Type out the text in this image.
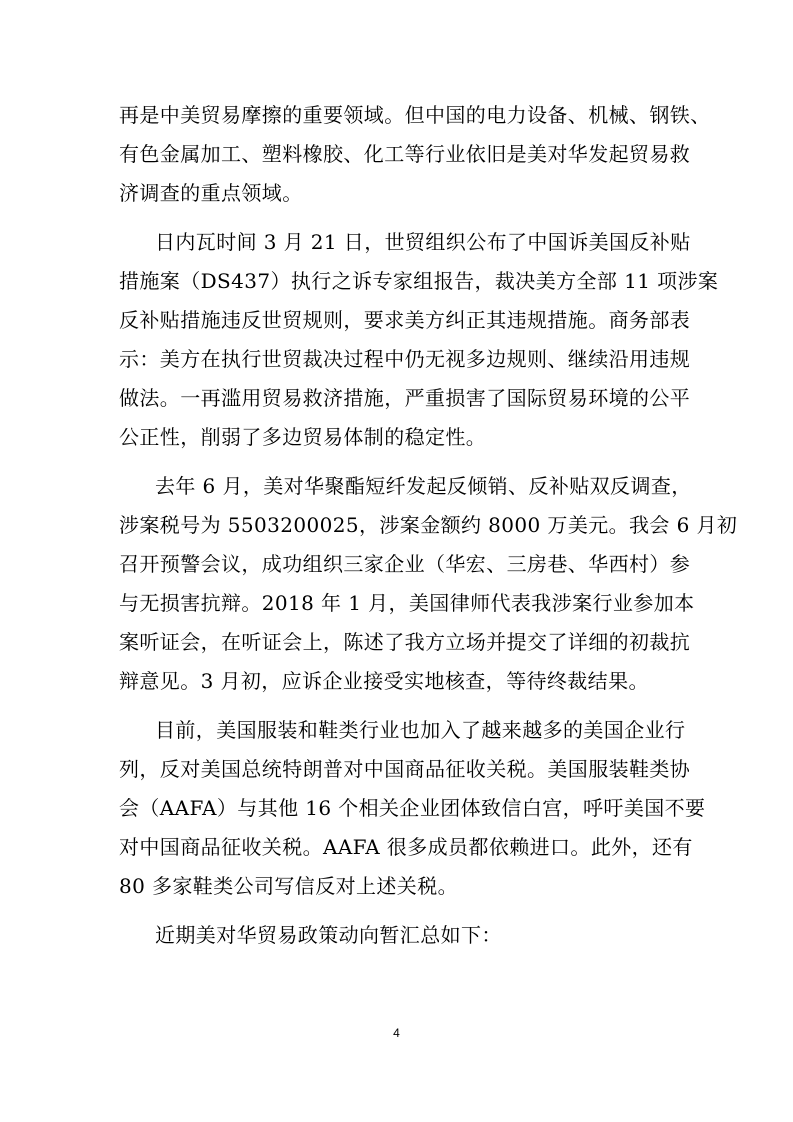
再是中美贸易摩擦的重要领域。但中国的电力设备、机械、钢铁、
有色金属加工、塑料橡胶、化工等行业依旧是美对华发起贸易救
济调查的重点领域。
日内瓦时间 3 月 21 日，世贸组织公布了中国诉美国反补贴
措施案（DS437）执行之诉专家组报告，裁决美方全部 11 项涉案
反补贴措施违反世贸规则，要求美方纠正其违规措施。商务部表
示：美方在执行世贸裁决过程中仍无视多边规则、继续沿用违规
做法。一再滥用贸易救济措施，严重损害了国际贸易环境的公平
公正性，削弱了多边贸易体制的稳定性。
去年 6 月，美对华聚酯短纤发起反倾销、反补贴双反调查，
涉案税号为 5503200025，涉案金额约 8000 万美元。我会 6 月初
召开预警会议，成功组织三家企业（华宏、三房巷、华西村）参
与无损害抗辩。2018 年 1 月，美国律师代表我涉案行业参加本
案听证会，在听证会上，陈述了我方立场并提交了详细的初裁抗
辩意见。3 月初，应诉企业接受实地核查，等待终裁结果。
目前，美国服装和鞋类行业也加入了越来越多的美国企业行
列，反对美国总统特朗普对中国商品征收关税。美国服装鞋类协
会（AAFA）与其他 16 个相关企业团体致信白宫，呼吁美国不要
对中国商品征收关税。AAFA 很多成员都依赖进口。此外，还有
80 多家鞋类公司写信反对上述关税。
近期美对华贸易政策动向暂汇总如下：
4
